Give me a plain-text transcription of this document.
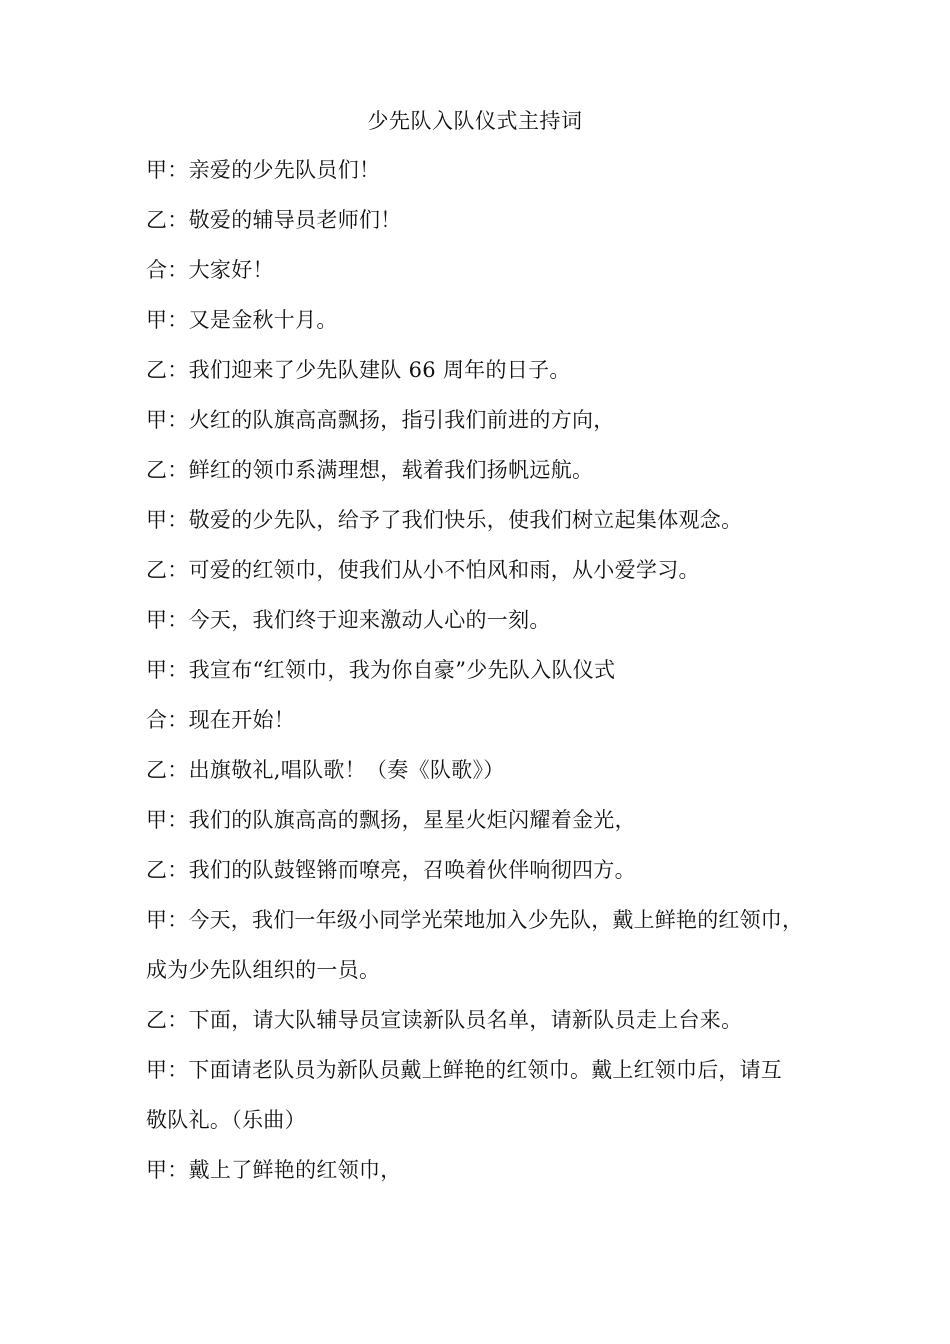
少先队入队仪式主持词
甲：亲爱的少先队员们！
乙：敬爱的辅导员老师们！
合：大家好！
甲：又是金秋十月。
乙：我们迎来了少先队建队 66 周年的日子。
甲：火红的队旗高高飘扬，指引我们前进的方向，
乙：鲜红的领巾系满理想，载着我们扬帆远航。
甲：敬爱的少先队，给予了我们快乐，使我们树立起集体观念。
乙：可爱的红领巾，使我们从小不怕风和雨，从小爱学习。
甲：今天，我们终于迎来激动人心的一刻。
甲：我宣布“红领巾，我为你自豪”少先队入队仪式
合：现在开始！
乙：出旗敬礼,唱队歌！（奏《队歌》）
甲：我们的队旗高高的飘扬，星星火炬闪耀着金光，
乙：我们的队鼓铿锵而嘹亮，召唤着伙伴响彻四方。
甲：今天，我们一年级小同学光荣地加入少先队，戴上鲜艳的红领巾，
成为少先队组织的一员。
乙：下面，请大队辅导员宣读新队员名单，请新队员走上台来。
甲：下面请老队员为新队员戴上鲜艳的红领巾。戴上红领巾后，请互
敬队礼。（乐曲）
甲：戴上了鲜艳的红领巾，
